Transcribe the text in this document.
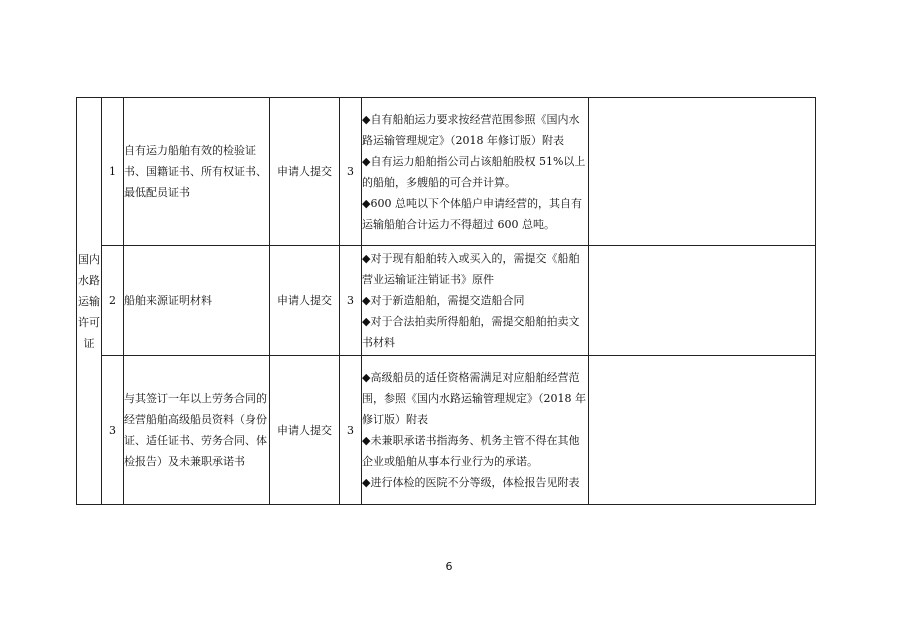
国内水路运输许可证	1	自有运力船舶有效的检验证书、国籍证书、所有权证书、最低配员证书	申请人提交	3	◆自有船舶运力要求按经营范围参照《国内水路运输管理规定》（2018 年修订版）附表
◆自有运力船舶指公司占该船舶股权 51%以上的船舶，多艘船的可合并计算。
◆600 总吨以下个体船户申请经营的，其自有运输船舶合计运力不得超过 600 总吨。	

	2	船舶来源证明材料	申请人提交	3	◆对于现有船舶转入或买入的，需提交《船舶营业运输证注销证书》原件
◆对于新造船舶，需提交造船合同
◆对于合法拍卖所得船舶，需提交船舶拍卖文书材料	

	3	与其签订一年以上劳务合同的经营船舶高级船员资料（身份证、适任证书、劳务合同、体检报告）及未兼职承诺书	申请人提交	3	◆高级船员的适任资格需满足对应船舶经营范围，参照《国内水路运输管理规定》（2018 年修订版）附表
◆未兼职承诺书指海务、机务主管不得在其他企业或船舶从事本行业行为的承诺。
◆进行体检的医院不分等级，体检报告见附表	

6
